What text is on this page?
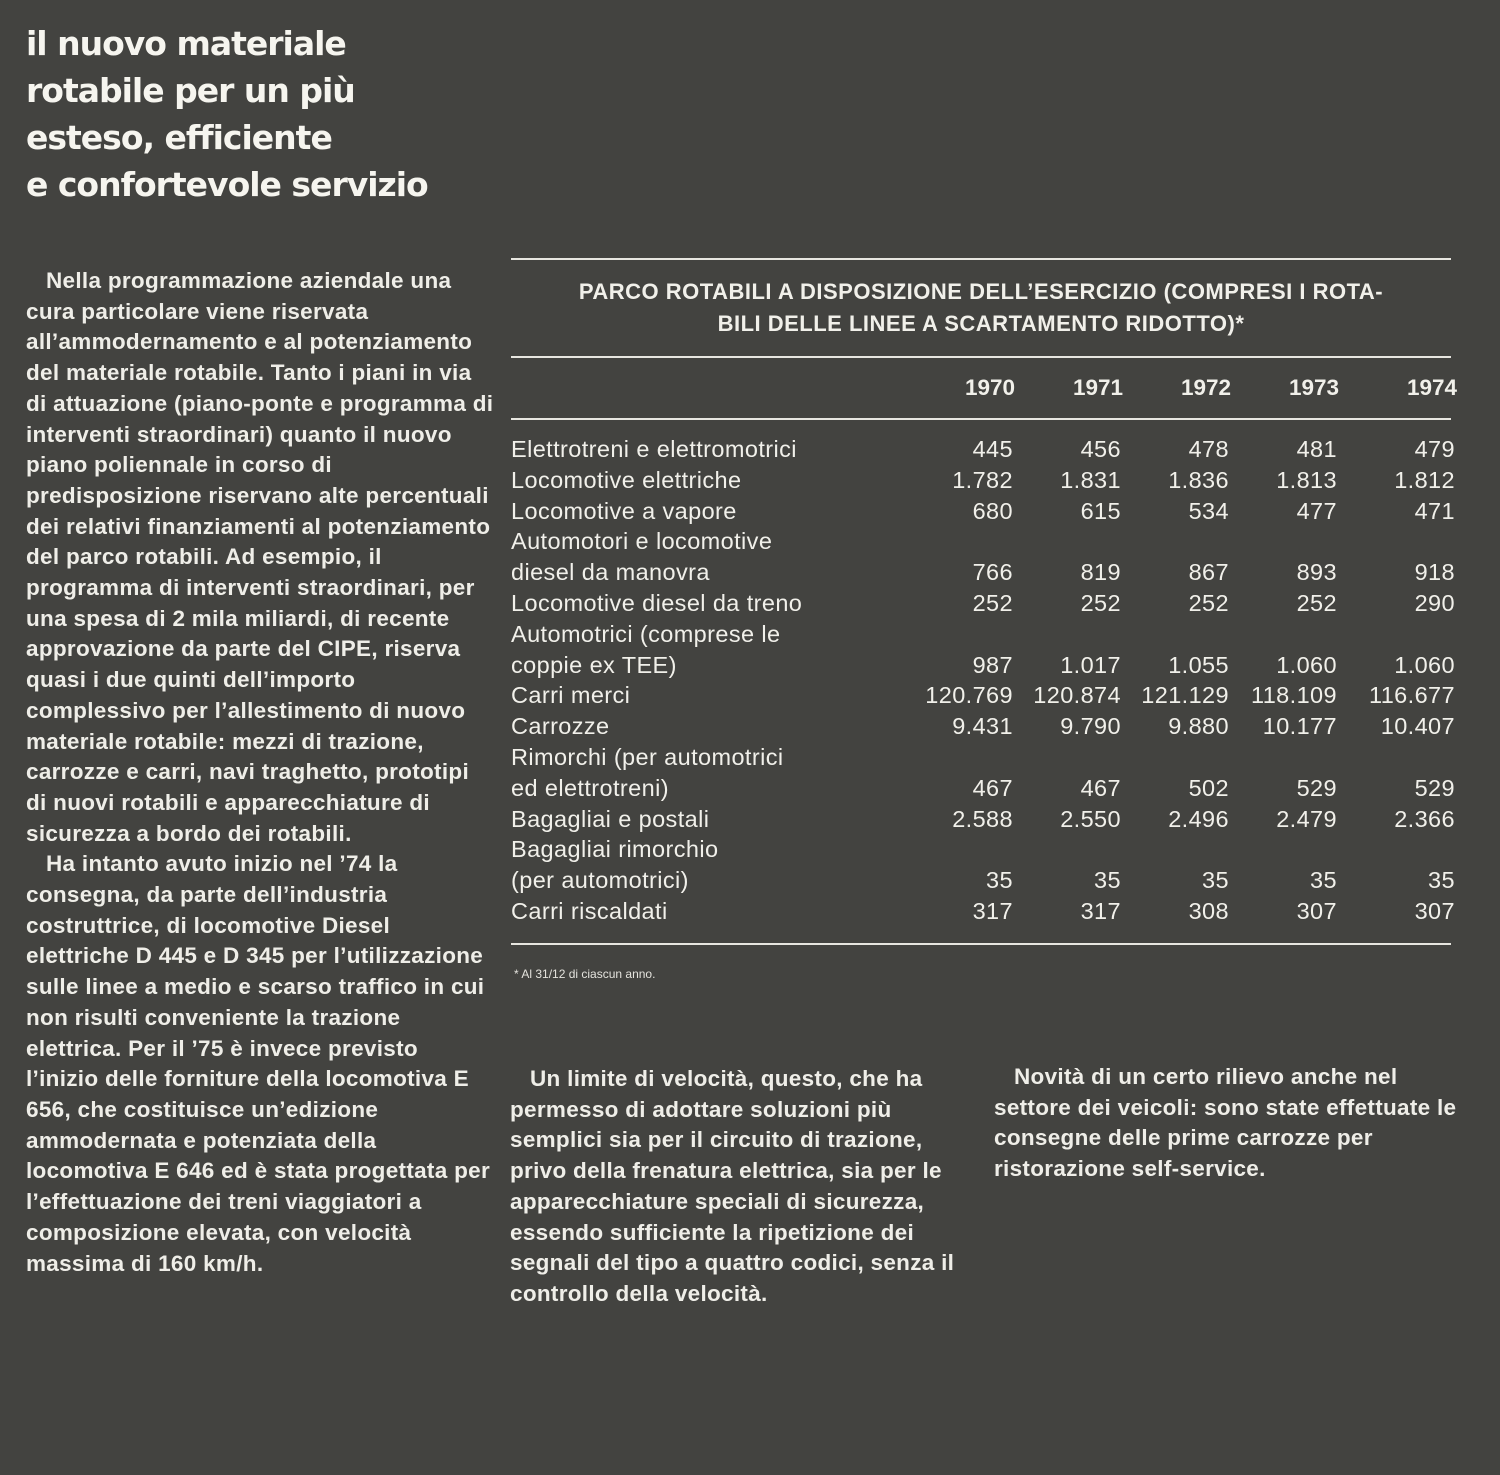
il nuovo materiale
rotabile per un più
esteso, efficiente
e confortevole servizio

Nella programmazione aziendale una cura particolare viene riservata all’ammodernamento e al potenziamento del materiale rotabile. Tanto i piani in via di attuazione (piano-ponte e programma di interventi straordinari) quanto il nuovo piano poliennale in corso di predisposizione riservano alte percentuali dei relativi finanziamenti al potenziamento del parco rotabili. Ad esempio, il programma di interventi straordinari, per una spesa di 2 mila miliardi, di recente approvazione da parte del CIPE, riserva quasi i due quinti dell’importo complessivo per l’allestimento di nuovo materiale rotabile: mezzi di trazione, carrozze e carri, navi traghetto, prototipi di nuovi rotabili e apparecchiature di sicurezza a bordo dei rotabili.

Ha intanto avuto inizio nel ’74 la consegna, da parte dell’industria costruttrice, di locomotive Diesel elettriche D 445 e D 345 per l’utilizzazione sulle linee a medio e scarso traffico in cui non risulti conveniente la trazione elettrica. Per il ’75 è invece previsto l’inizio delle forniture della locomotiva E 656, che costituisce un’edizione ammodernata e potenziata della locomotiva E 646 ed è stata progettata per l’effettuazione dei treni viaggiatori a composizione elevata, con velocità massima di 160 km/h.

PARCO ROTABILI A DISPOSIZIONE DELL’ESERCIZIO (COMPRESI I ROTA-
BILI DELLE LINEE A SCARTAMENTO RIDOTTO)*
	1970	1971	1972	1973	1974

Elettrotreni e elettromotrici	445	456	478	481	479

Locomotive elettriche	1.782	1.831	1.836	1.813	1.812

Locomotive a vapore	680	615	534	477	471

Automotori e locomotive
diesel da manovra	766	819	867	893	918

Locomotive diesel da treno	252	252	252	252	290

Automotrici (comprese le
coppie ex TEE)	987	1.017	1.055	1.060	1.060

Carri merci	120.769	120.874	121.129	118.109	116.677

Carrozze	9.431	9.790	9.880	10.177	10.407

Rimorchi (per automotrici
ed elettrotreni)	467	467	502	529	529

Bagagliai e postali	2.588	2.550	2.496	2.479	2.366

Bagagliai rimorchio
(per automotrici)	35	35	35	35	35

Carri riscaldati	317	317	308	307	307
* Al 31/12 di ciascun anno.

Un limite di velocità, questo, che ha permesso di adottare soluzioni più semplici sia per il circuito di trazione, privo della frenatura elettrica, sia per le apparecchiature speciali di sicurezza, essendo sufficiente la ripetizione dei segnali del tipo a quattro codici, senza il controllo della velocità.

Novità di un certo rilievo anche nel settore dei veicoli: sono state effettuate le consegne delle prime carrozze per ristorazione self-service.
